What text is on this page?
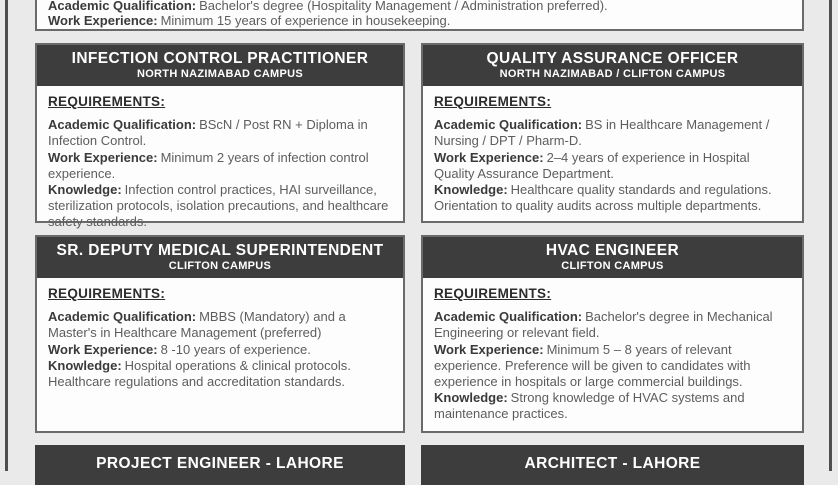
Academic Qualification: Bachelor's degree (Hospitality Management / Administration preferred).

Work Experience: Minimum 15 years of experience in housekeeping.

INFECTION CONTROL PRACTITIONER
NORTH NAZIMABAD CAMPUS
REQUIREMENTS:

Academic Qualification: BScN / Post RN + Diploma in Infection Control.

Work Experience: Minimum 2 years of infection control experience.

Knowledge: Infection control practices, HAI surveillance, sterilization protocols, isolation precautions, and healthcare safety standards.

QUALITY ASSURANCE OFFICER
NORTH NAZIMABAD / CLIFTON CAMPUS
REQUIREMENTS:

Academic Qualification: BS in Healthcare Management / Nursing / DPT / Pharm-D.

Work Experience: 2–4 years of experience in Hospital Quality Assurance Department.

Knowledge: Healthcare quality standards and regulations. Orientation to quality audits across multiple departments.

SR. DEPUTY MEDICAL SUPERINTENDENT
CLIFTON CAMPUS
REQUIREMENTS:

Academic Qualification: MBBS (Mandatory) and a Master's in Healthcare Management (preferred)

Work Experience: 8 -10 years of experience.

Knowledge: Hospital operations & clinical protocols. Healthcare regulations and accreditation standards.

HVAC ENGINEER
CLIFTON CAMPUS
REQUIREMENTS:

Academic Qualification: Bachelor's degree in Mechanical Engineering or relevant field.

Work Experience: Minimum 5 – 8 years of relevant experience. Preference will be given to candidates with experience in hospitals or large commercial buildings.

Knowledge: Strong knowledge of HVAC systems and maintenance practices.

PROJECT ENGINEER - LAHORE	ARCHITECT - LAHORE
